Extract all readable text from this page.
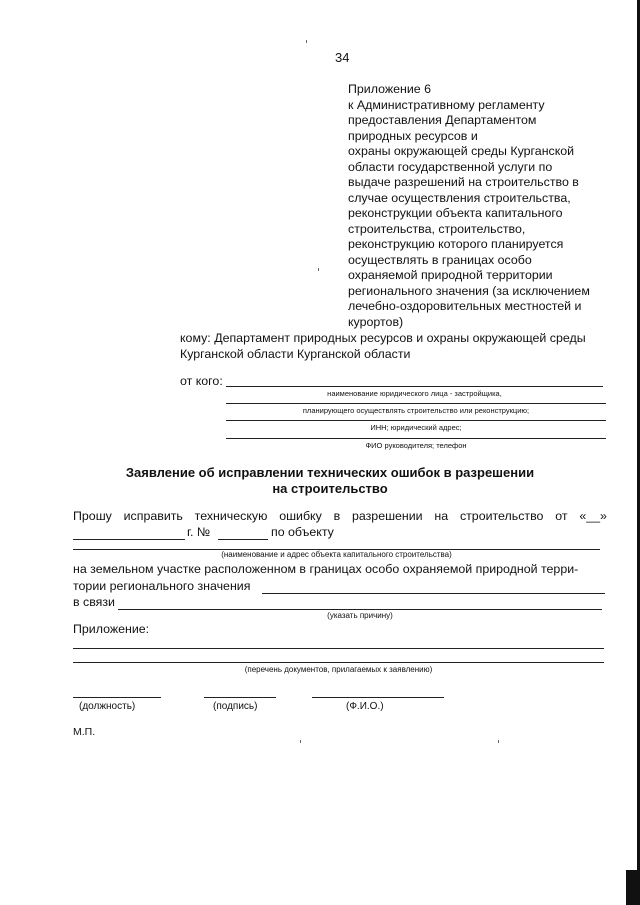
34
Приложение 6
к Административному регламенту
предоставления Департаментом
природных ресурсов и
охраны окружающей среды Курганской
области государственной услуги по
выдаче разрешений на строительство в
случае осуществления строительства,
реконструкции объекта капитального
строительства, строительство,
реконструкцию которого планируется
осуществлять в границах особо
охраняемой природной территории
регионального значения (за исключением
лечебно-оздоровительных местностей и
курортов)
кому: Департамент природных ресурсов и охраны окружающей среды
Курганской области Курганской области
от кого:
наименование юридического лица - застройщика,
планирующего осуществлять строительство или реконструкцию;
ИНН; юридический адрес;
ФИО руководителя; телефон
Заявление об исправлении технических ошибок в разрешении
на строительство
Прошу исправить техническую ошибку в разрешении на строительство от «__»
г. №	по объекту
(наименование и адрес объекта капитального строительства)
на земельном участке расположенном в границах особо охраняемой природной терри-
тории регионального значения
в связи
(указать причину)
Приложение:
(перечень документов, прилагаемых к заявлению)
(должность)	(подпись)	(Ф.И.О.)
М.П.
